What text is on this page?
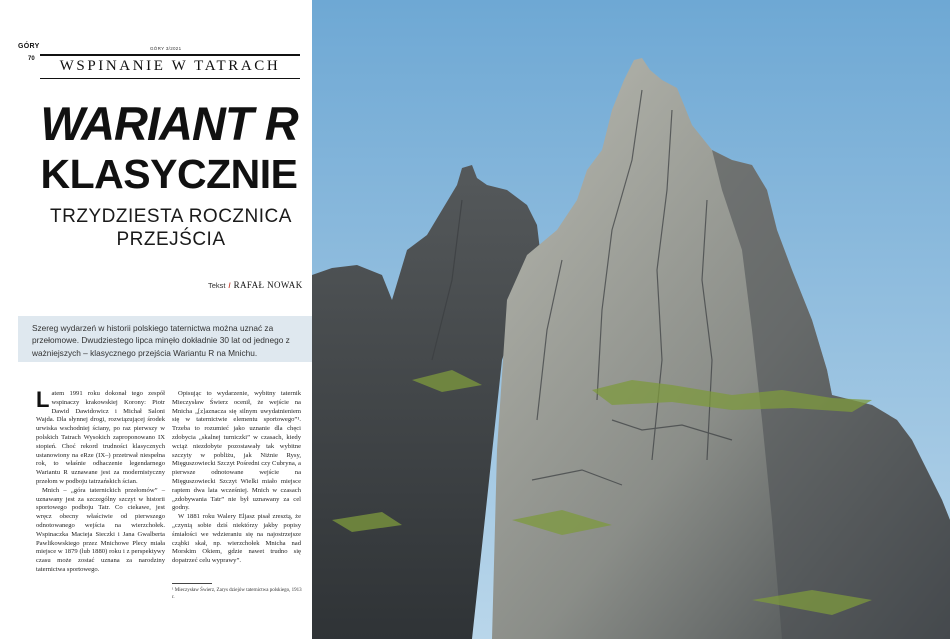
GÓRY
70
GÓRY 3/2021
WSPINANIE W TATRACH
WARIANT R
KLASYCZNIE
TRZYDZIESTA ROCZNICA
PRZEJŚCIA
Tekst / RAFAŁ NOWAK

Szereg wydarzeń w historii polskiego taternictwa można uznać za przełomowe. Dwudziestego lipca minęło dokładnie 30 lat od jednego z ważniejszych – klasycznego przejścia Wariantu R na Mnichu.

Latem 1991 roku dokonał tego zespół wspinaczy krakowskiej Korony: Piotr Dawid Dawidowicz i Michał Saloni Wajda. Dla słynnej drogi, rozwiązującej środek urwiska wschodniej ściany, po raz pierwszy w polskich Tatrach Wysokich zaproponowano IX stopień. Choć rekord trudności klasycznych ustanowiony na eRze (IX–) przetrwał niespełna rok, to właśnie odhaczenie legendarnego Wariantu R uznawane jest za modernistyczny przełom w podboju tatrzańskich ścian.

Mnich – „góra taternickich przełomów” – uznawany jest za szczególny szczyt w historii sportowego podboju Tatr. Co ciekawe, jest wręcz obecny właściwie od pierwszego odnotowanego wejścia na wierzchołek. Wspinaczka Macieja Sieczki i Jana Gwalberta Pawlikowskiego przez Mnichowe Plecy miała miejsce w 1879 (lub 1880) roku i z perspektywy czasu może zostać uznana za narodziny taternictwa sportowego.

Opisując to wydarzenie, wybitny taternik Mieczysław Świerz ocenił, że wejście na Mnicha „[z]aznacza się silnym uwydatnieniem się w taternictwie elementu sportowego”¹. Trzeba to rozumieć jako uznanie dla chęci zdobycia „skalnej turniczki” w czasach, kiedy wciąż niezdobyte pozostawały tak wybitne szczyty w pobliżu, jak Niżnie Rysy, Mięguszowiecki Szczyt Pośredni czy Cubryna, a pierwsze odnotowane wejście na Mięguszowiecki Szczyt Wielki miało miejsce raptem dwa lata wcześniej. Mnich w czasach „zdobywania Tatr” nie był uznawany za cel godny.

W 1881 roku Walery Eljasz pisał zresztą, że „czynią sobie dziś niektórzy jakby popisy śmiałości we wdzieraniu się na najostrzejsze cząbki skał, np. wierzchołek Mnicha nad Morskim Okiem, gdzie nawet trudno się dopatrzeć celu wyprawy”.

¹ Mieczysław Świerz, Zarys dziejów taternictwa polskiego, 1913 r.
